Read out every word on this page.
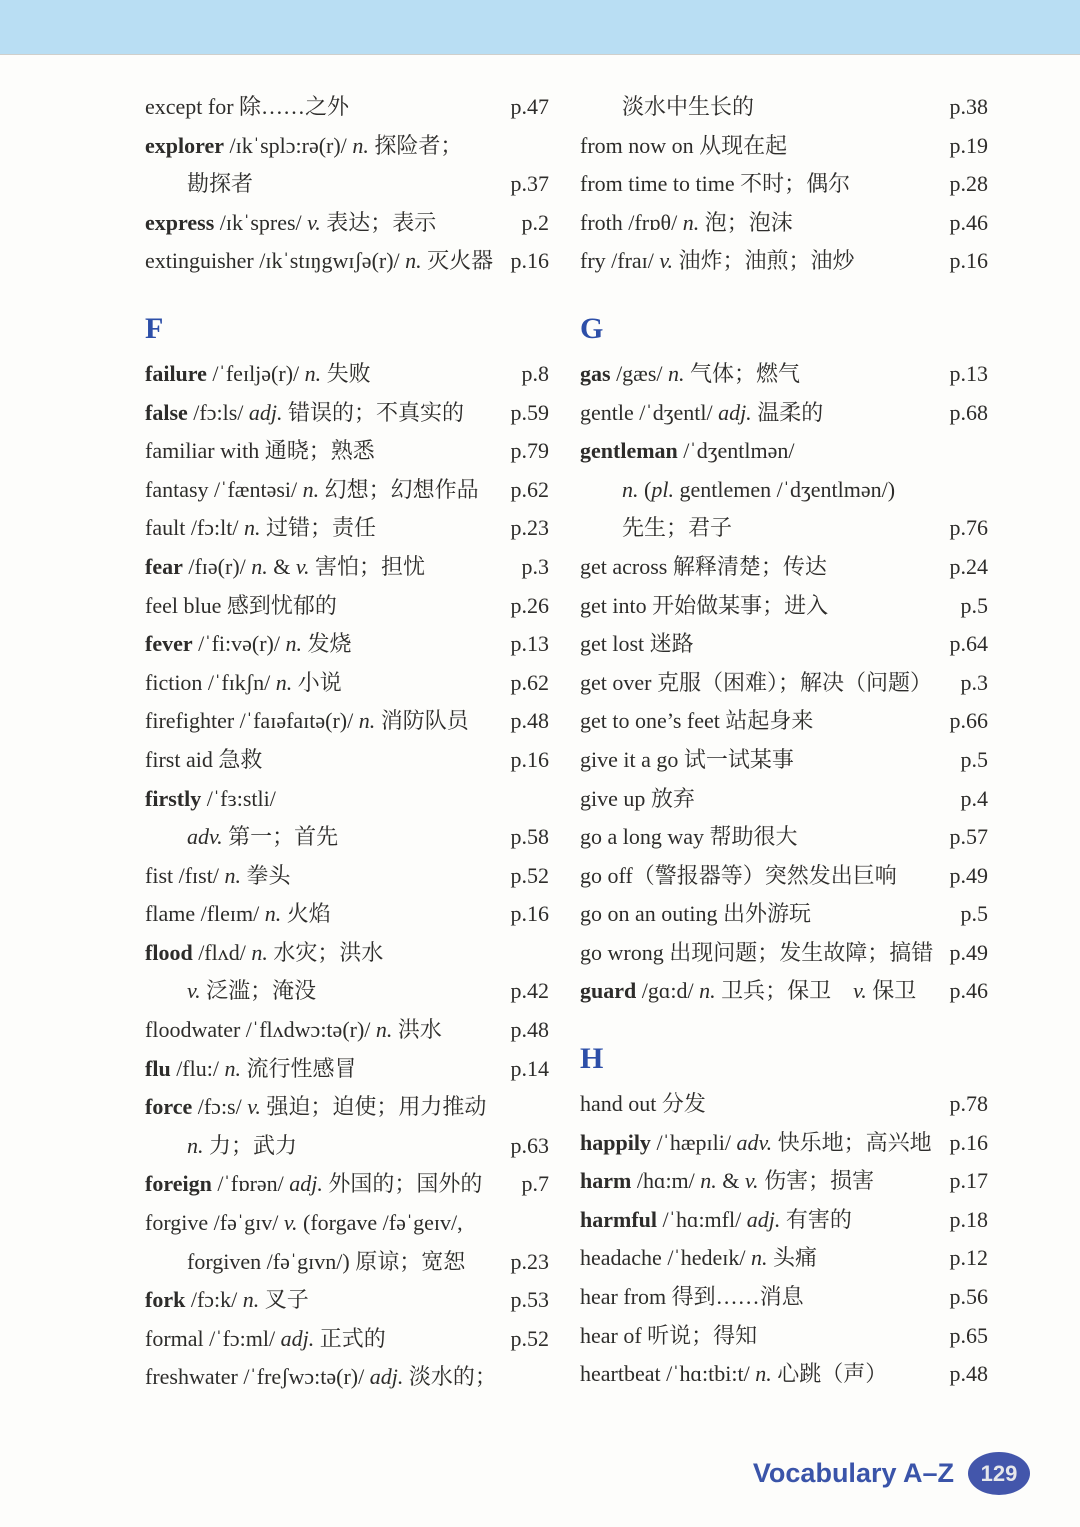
except for 除……之外	p.47
explorer /ɪkˈsplɔ:rə(r)/ n. 探险者；
勘探者	p.37
express /ɪkˈspres/ v. 表达；表示	p.2
extinguisher /ɪkˈstɪŋgwɪʃə(r)/ n. 灭火器 p.16
F
failure /ˈfeɪljə(r)/ n. 失败	p.8
false /fɔ:ls/ adj. 错误的；不真实的 p.59
familiar with 通晓；熟悉	p.79
fantasy /ˈfæntəsi/ n. 幻想；幻想作品 p.62
fault /fɔ:lt/ n. 过错；责任	p.23
fear /fɪə(r)/ n. & v. 害怕；担忧	p.3
feel blue 感到忧郁的	p.26
fever /ˈfi:və(r)/ n. 发烧	p.13
fiction /ˈfɪkʃn/ n. 小说	p.62
firefighter /ˈfaɪəfaɪtə(r)/ n. 消防队员 p.48
first aid 急救	p.16
firstly /ˈfɜ:stli/
adv. 第一；首先	p.58
fist /fɪst/ n. 拳头	p.52
flame /fleɪm/ n. 火焰	p.16
flood /flʌd/ n. 水灾；洪水
v. 泛滥；淹没	p.42
floodwater /ˈflʌdwɔ:tə(r)/ n. 洪水	p.48
flu /flu:/ n. 流行性感冒	p.14
force /fɔ:s/ v. 强迫；迫使；用力推动
n. 力；武力	p.63
foreign /ˈfɒrən/ adj. 外国的；国外的 p.7
forgive /fəˈgɪv/ v. (forgave /fəˈgeɪv/,
forgiven /fəˈgɪvn/) 原谅；宽恕 p.23
fork /fɔ:k/ n. 叉子	p.53
formal /ˈfɔ:ml/ adj. 正式的	p.52
freshwater /ˈfreʃwɔ:tə(r)/ adj. 淡水的；
淡水中生长的	p.38
from now on 从现在起	p.19
from time to time 不时；偶尔	p.28
froth /frɒθ/ n. 泡；泡沫	p.46
fry /fraɪ/ v. 油炸；油煎；油炒	p.16
G
gas /gæs/ n. 气体；燃气	p.13
gentle /ˈdʒentl/ adj. 温柔的	p.68
gentleman /ˈdʒentlmən/
n. (pl. gentlemen /ˈdʒentlmən/)
先生；君子	p.76
get across 解释清楚；传达	p.24
get into 开始做某事；进入	p.5
get lost 迷路	p.64
get over 克服（困难）；解决（问题） p.3
get to one’s feet 站起身来	p.66
give it a go 试一试某事	p.5
give up 放弃	p.4
go a long way 帮助很大	p.57
go off（警报器等）突然发出巨响 p.49
go on an outing 出外游玩	p.5
go wrong 出现问题；发生故障；搞错 p.49
guard /gɑ:d/ n. 卫兵；保卫　v. 保卫 p.46
H
hand out 分发	p.78
happily /ˈhæpɪli/ adv. 快乐地；高兴地 p.16
harm /hɑ:m/ n. & v. 伤害；损害	p.17
harmful /ˈhɑ:mfl/ adj. 有害的	p.18
headache /ˈhedeɪk/ n. 头痛	p.12
hear from 得到……消息	p.56
hear of 听说；得知	p.65
heartbeat /ˈhɑ:tbi:t/ n. 心跳（声）	p.48
Vocabulary A–Z	129
